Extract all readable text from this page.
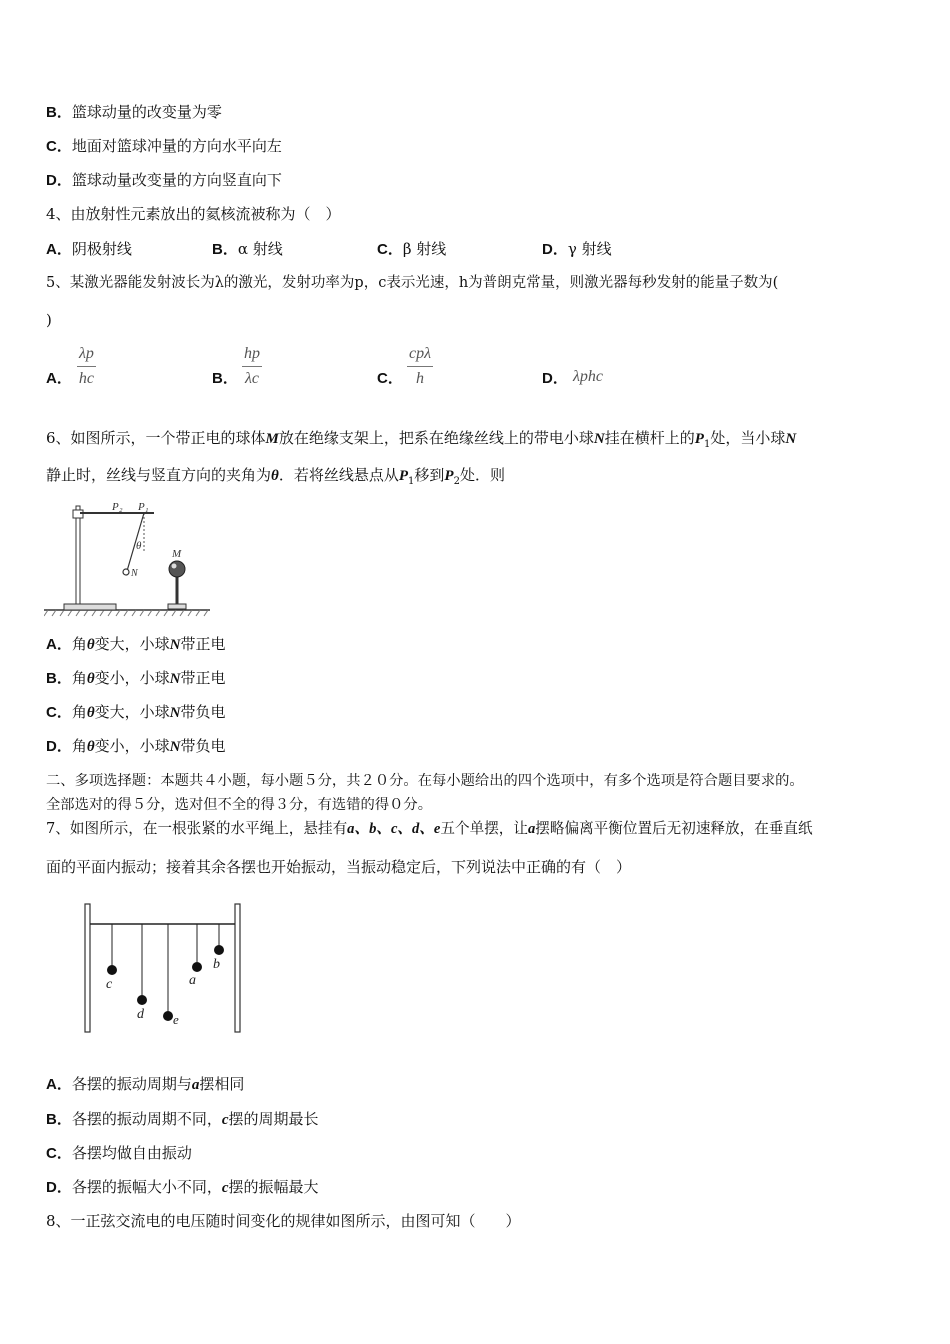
B．篮球动量的改变量为零
C．地面对篮球冲量的方向水平向左
D．篮球动量改变量的方向竖直向下
4、由放射性元素放出的氦核流被称为（　）
A．阴极射线	B．α 射线	C．β 射线	D．γ 射线
5、某激光器能发射波长为λ的激光，发射功率为p，c表示光速，h为普朗克常量，则激光器每秒发射的能量子数为(
)
A．
λp
hc	B．
hp
λc	C．
cpλ
h	D． λphc
6、如图所示，一个带正电的球体M放在绝缘支架上，把系在绝缘丝线上的带电小球N挂在横杆上的$P_1$处，当小球N
静止时，丝线与竖直方向的夹角为θ．若将丝线悬点从$P_1$移到$P_2$处．则
P₂ P₁
θ
N
M
A．角θ变大，小球N带正电
B．角θ变小，小球N带正电
C．角θ变大，小球N带负电
D．角θ变小，小球N带负电
二、多项选择题：本题共４小题，每小题５分，共２０分。在每小题给出的四个选项中，有多个选项是符合题目要求的。
全部选对的得５分，选对但不全的得３分，有选错的得０分。
7、如图所示，在一根张紧的水平绳上，悬挂有a、b、c、d、e五个单摆，让a摆略偏离平衡位置后无初速释放，在垂直纸
面的平面内振动；接着其余各摆也开始振动，当振动稳定后，下列说法中正确的有（　）
c
d e
a
b
A．各摆的振动周期与a摆相同
B．各摆的振动周期不同，c摆的周期最长
C．各摆均做自由振动
D．各摆的振幅大小不同，c摆的振幅最大
8、一正弦交流电的电压随时间变化的规律如图所示，由图可知（　　）
